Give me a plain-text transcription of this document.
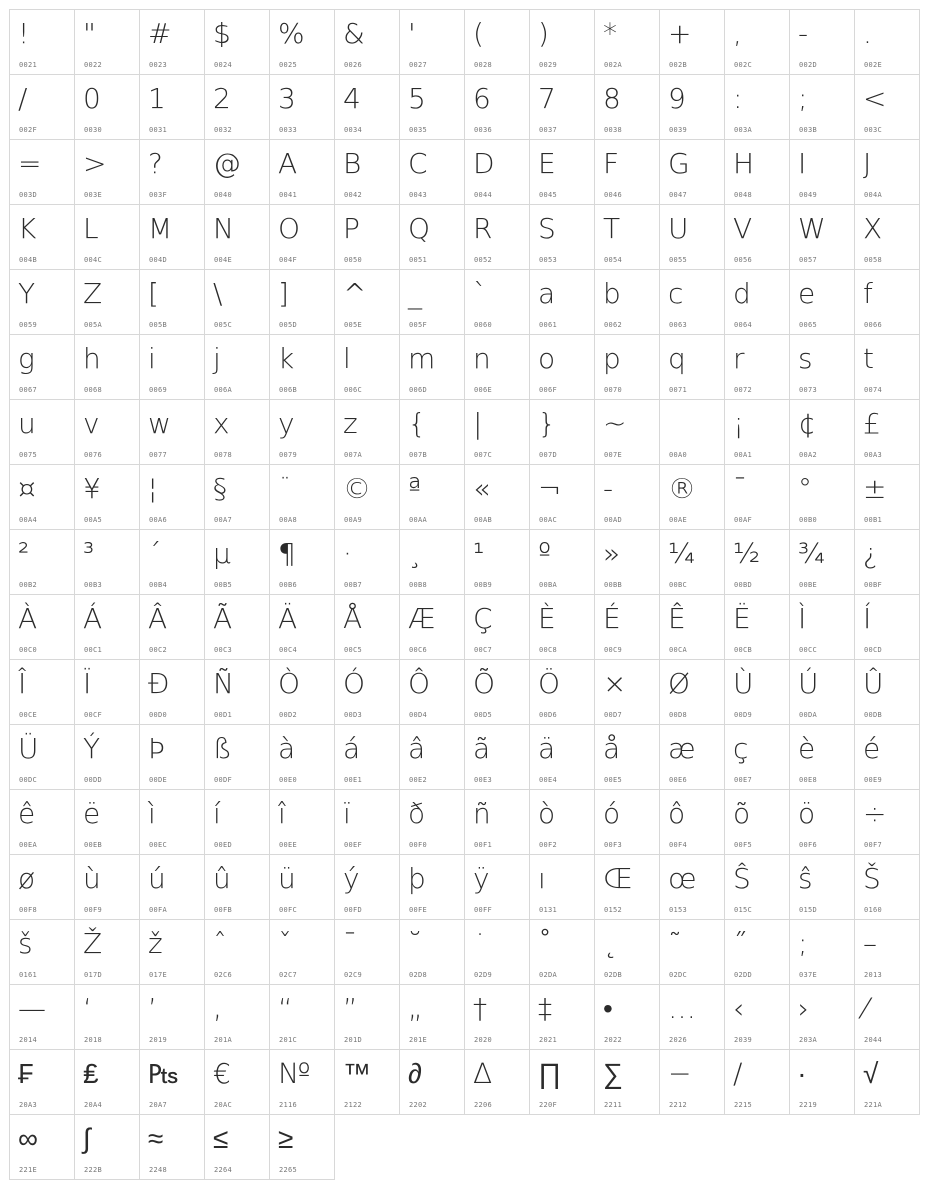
!
0021
"
0022
#
0023
$
0024
%
0025
&
0026
'
0027
(
0028
)
0029
*
002A
+
002B
,
002C
-
002D
.
002E
/
002F
0
0030
1
0031
2
0032
3
0033
4
0034
5
0035
6
0036
7
0037
8
0038
9
0039
:
003A
;
003B
<
003C
=
003D
>
003E
?
003F
@
0040
A
0041
B
0042
C
0043
D
0044
E
0045
F
0046
G
0047
H
0048
I
0049
J
004A
K
004B
L
004C
M
004D
N
004E
O
004F
P
0050
Q
0051
R
0052
S
0053
T
0054
U
0055
V
0056
W
0057
X
0058
Y
0059
Z
005A
[
005B
\
005C
]
005D
^
005E
_
005F
`
0060
a
0061
b
0062
c
0063
d
0064
e
0065
f
0066
g
0067
h
0068
i
0069
j
006A
k
006B
l
006C
m
006D
n
006E
o
006F
p
0070
q
0071
r
0072
s
0073
t
0074
u
0075
v
0076
w
0077
x
0078
y
0079
z
007A
{
007B
|
007C
}
007D
~
007E	00A0
¡
00A1
¢
00A2
£
00A3
¤
00A4
¥
00A5
¦
00A6
§
00A7
¨
00A8
©
00A9
ª
00AA
«
00AB
¬
00AC
-
00AD
®
00AE
¯
00AF
°
00B0
±
00B1
²
00B2
³
00B3
´
00B4
µ
00B5
¶
00B6
·
00B7
¸
00B8
¹
00B9
º
00BA
»
00BB
¼
00BC
½
00BD
¾
00BE
¿
00BF
À
00C0
Á
00C1
Â
00C2
Ã
00C3
Ä
00C4
Å
00C5
Æ
00C6
Ç
00C7
È
00C8
É
00C9
Ê
00CA
Ë
00CB
Ì
00CC
Í
00CD
Î
00CE
Ï
00CF
Ð
00D0
Ñ
00D1
Ò
00D2
Ó
00D3
Ô
00D4
Õ
00D5
Ö
00D6
×
00D7
Ø
00D8
Ù
00D9
Ú
00DA
Û
00DB
Ü
00DC
Ý
00DD
Þ
00DE
ß
00DF
à
00E0
á
00E1
â
00E2
ã
00E3
ä
00E4
å
00E5
æ
00E6
ç
00E7
è
00E8
é
00E9
ê
00EA
ë
00EB
ì
00EC
í
00ED
î
00EE
ï
00EF
ð
00F0
ñ
00F1
ò
00F2
ó
00F3
ô
00F4
õ
00F5
ö
00F6
÷
00F7
ø
00F8
ù
00F9
ú
00FA
û
00FB
ü
00FC
ý
00FD
þ
00FE
ÿ
00FF
ı
0131
Œ
0152
œ
0153
Ŝ
015C
ŝ
015D
Š
0160
š
0161
Ž
017D
ž
017E
ˆ
02C6
ˇ
02C7
ˉ
02C9
˘
02D8
˙
02D9
˚
02DA
˛
02DB
˜
02DC
˝
02DD
;
037E
–
2013
—
2014
‘
2018
’
2019
‚
201A
“
201C
”
201D
„
201E
†
2020
‡
2021
•
2022
…
2026
‹
2039
›
203A
⁄
2044
₣
20A3
₤
20A4
₧
20A7
€
20AC
№
2116
™
2122
∂
2202
∆
2206
∏
220F
∑
2211
−
2212
∕
2215
∙
2219
√
221A
∞
221E
∫
222B
≈
2248
≤
2264
≥
2265
